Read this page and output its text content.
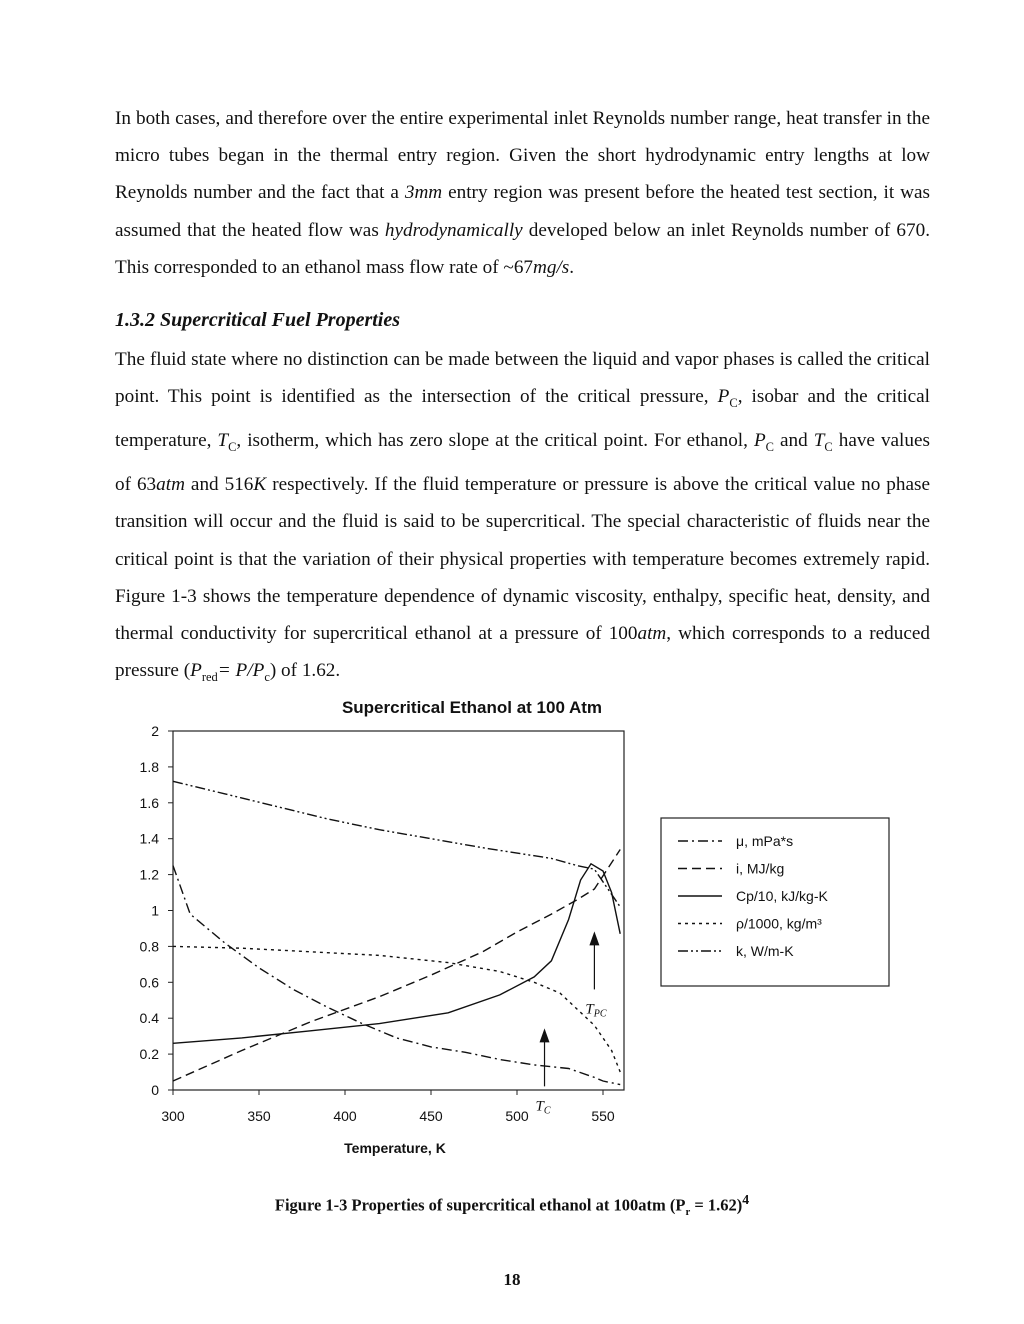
In both cases, and therefore over the entire experimental inlet Reynolds number range, heat transfer in the micro tubes began in the thermal entry region. Given the short hydrodynamic entry lengths at low Reynolds number and the fact that a 3mm entry region was present before the heated test section, it was assumed that the heated flow was hydrodynamically developed below an inlet Reynolds number of 670. This corresponded to an ethanol mass flow rate of ~67mg/s.

1.3.2 Supercritical Fuel Properties

The fluid state where no distinction can be made between the liquid and vapor phases is called the critical point. This point is identified as the intersection of the critical pressure, $P_C$, isobar and the critical temperature, $T_C$, isotherm, which has zero slope at the critical point. For ethanol, $P_C$ and $T_C$ have values of 63atm and 516K respectively. If the fluid temperature or pressure is above the critical value no phase transition will occur and the fluid is said to be supercritical. The special characteristic of fluids near the critical point is that the variation of their physical properties with temperature becomes extremely rapid. Figure 1-3 shows the temperature dependence of dynamic viscosity, enthalpy, specific heat, density, and thermal conductivity for supercritical ethanol at a pressure of 100atm, which corresponds to a reduced pressure $(P_{red}= P/P_c)$ of 1.62.

Supercritical Ethanol at 100 Atm
0
0.2
0.4
0.6
0.8
1
1.2
1.4
1.6
1.8
2
300	350	400	450	500	550
$T_{PC}$
$T_C$
Temperature, K
μ, mPa*s
i, MJ/kg
Cp/10, kJ/kg-K
ρ/1000, kg/m³
k, W/m-K
Figure 1-3 Properties of supercritical ethanol at 100atm $(P_r = 1.62)^4$
18
